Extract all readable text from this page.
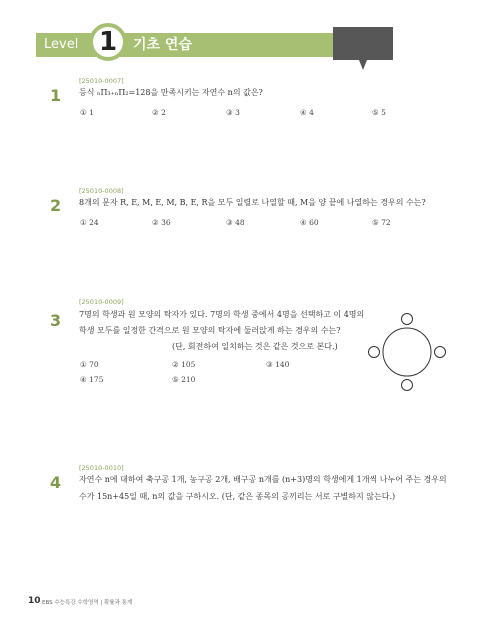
Level 1	기초 연습
1
[25010-0007]
등식 ₙΠ₃₊ₙΠ₂=128을 만족시키는 자연수 n의 값은?
① 1	② 2	③ 3	④ 4	⑤ 5
2
[25010-0008]
8개의 문자 R, E, M, E, M, B, E, R을 모두 일렬로 나열할 때, M을 양 끝에 나열하는 경우의 수는?
① 24	② 36	③ 48	④ 60	⑤ 72
3
[25010-0009]
7명의 학생과 원 모양의 탁자가 있다. 7명의 학생 중에서 4명을 선택하고 이 4명의
학생 모두를 일정한 간격으로 원 모양의 탁자에 둘러앉게 하는 경우의 수는?
(단, 회전하여 일치하는 것은 같은 것으로 본다.)
① 70	② 105	③ 140
④ 175	⑤ 210
4
[25010-0010]
자연수 n에 대하여 축구공 1개, 농구공 2개, 배구공 n개를 (n+3)명의 학생에게 1개씩 나누어 주는 경우의
수가 15n+45일 때, n의 값을 구하시오. (단, 같은 종목의 공끼리는 서로 구별하지 않는다.)
10 EBS 수능특강 수학영역 | 확률과 통계
